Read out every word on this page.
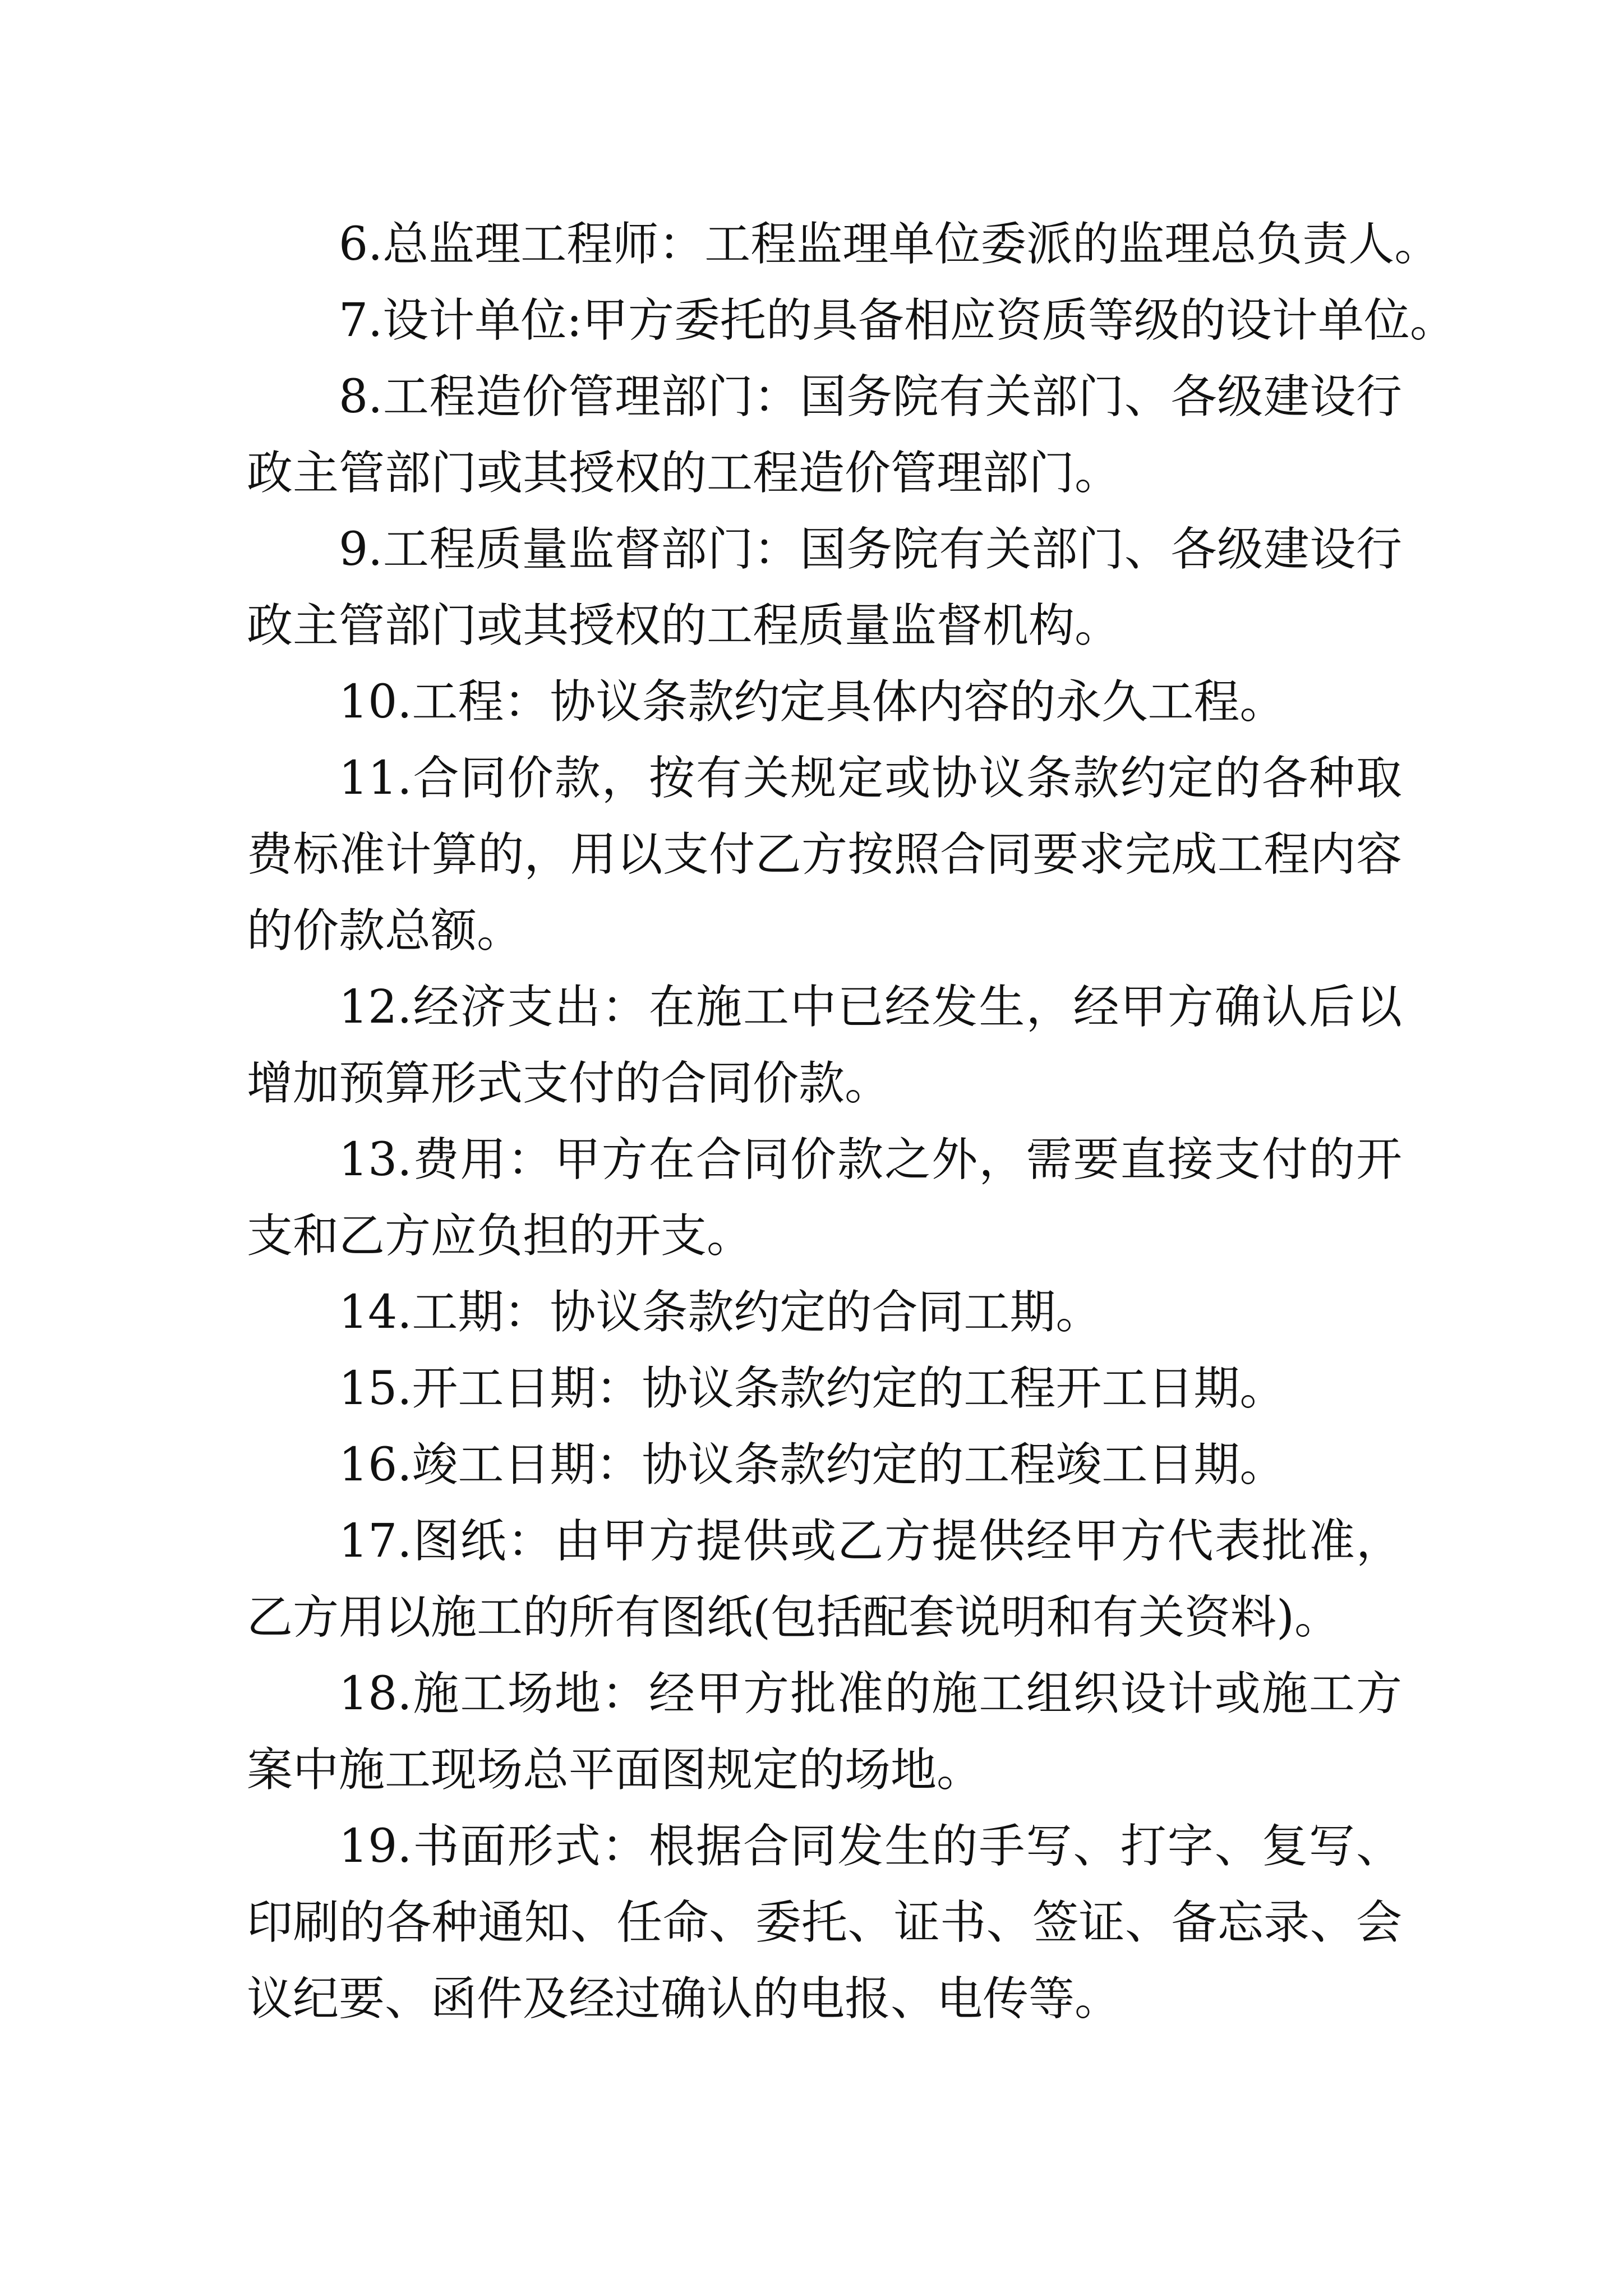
6.总监理工程师：工程监理单位委派的监理总负责人。

7.设计单位:甲方委托的具备相应资质等级的设计单位。

8.工程造价管理部门：国务院有关部门、各级建设行政主管部门或其授权的工程造价管理部门。

9.工程质量监督部门：国务院有关部门、各级建设行政主管部门或其授权的工程质量监督机构。

10.工程：协议条款约定具体内容的永久工程。

11.合同价款，按有关规定或协议条款约定的各种取费标准计算的，用以支付乙方按照合同要求完成工程内容的价款总额。

12.经济支出：在施工中已经发生，经甲方确认后以增加预算形式支付的合同价款。

13.费用：甲方在合同价款之外，需要直接支付的开支和乙方应负担的开支。

14.工期：协议条款约定的合同工期。

15.开工日期：协议条款约定的工程开工日期。

16.竣工日期：协议条款约定的工程竣工日期。

17.图纸：由甲方提供或乙方提供经甲方代表批准，乙方用以施工的所有图纸(包括配套说明和有关资料)。

18.施工场地：经甲方批准的施工组织设计或施工方案中施工现场总平面图规定的场地。

19.书面形式：根据合同发生的手写、打字、复写、印刷的各种通知、任命、委托、证书、签证、备忘录、会议纪要、函件及经过确认的电报、电传等。
